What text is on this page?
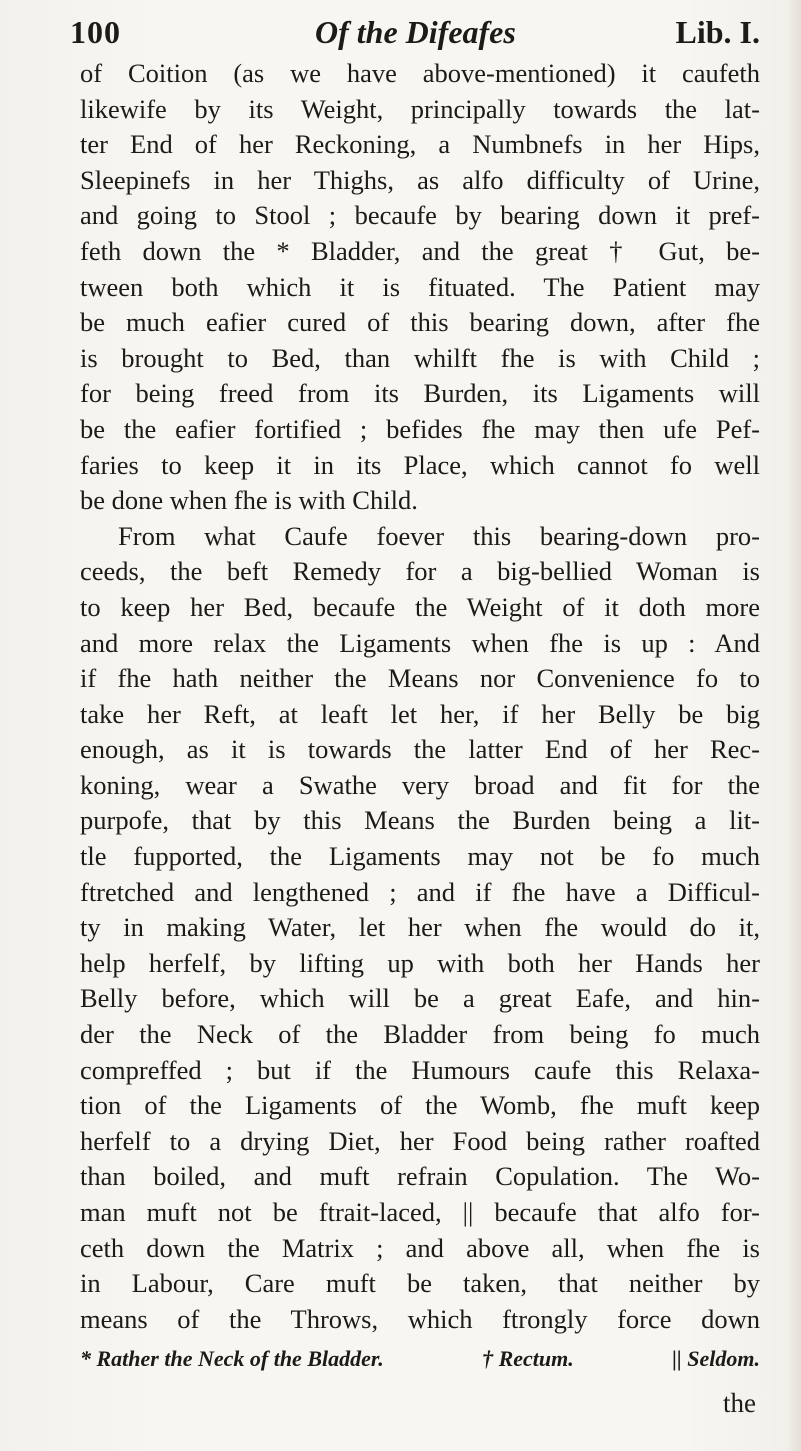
100	Of the Difeafes	Lib. I.
of Coition (as we have above-mentioned) it caufeth
likewife by its Weight, principally towards the lat-
ter End of her Reckoning, a Numbnefs in her Hips,
Sleepinefs in her Thighs, as alfo difficulty of Urine,
and going to Stool ; becaufe by bearing down it pref-
feth down the * Bladder, and the great † Gut, be-
tween both which it is fituated. The Patient may
be much eafier cured of this bearing down, after fhe
is brought to Bed, than whilft fhe is with Child ;
for being freed from its Burden, its Ligaments will
be the eafier fortified ; befides fhe may then ufe Pef-
faries to keep it in its Place, which cannot fo well
be done when fhe is with Child.
From what Caufe foever this bearing-down pro-
ceeds, the beft Remedy for a big-bellied Woman is
to keep her Bed, becaufe the Weight of it doth more
and more relax the Ligaments when fhe is up : And
if fhe hath neither the Means nor Convenience fo to
take her Reft, at leaft let her, if her Belly be big
enough, as it is towards the latter End of her Rec-
koning, wear a Swathe very broad and fit for the
purpofe, that by this Means the Burden being a lit-
tle fupported, the Ligaments may not be fo much
ftretched and lengthened ; and if fhe have a Difficul-
ty in making Water, let her when fhe would do it,
help herfelf, by lifting up with both her Hands her
Belly before, which will be a great Eafe, and hin-
der the Neck of the Bladder from being fo much
compreffed ; but if the Humours caufe this Relaxa-
tion of the Ligaments of the Womb, fhe muft keep
herfelf to a drying Diet, her Food being rather roafted
than boiled, and muft refrain Copulation. The Wo-
man muft not be ftrait-laced, || becaufe that alfo for-
ceth down the Matrix ; and above all, when fhe is
in Labour, Care muft be taken, that neither by
means of the Throws, which ftrongly force down
* Rather the Neck of the Bladder.	† Rectum.	|| Seldom.
the
